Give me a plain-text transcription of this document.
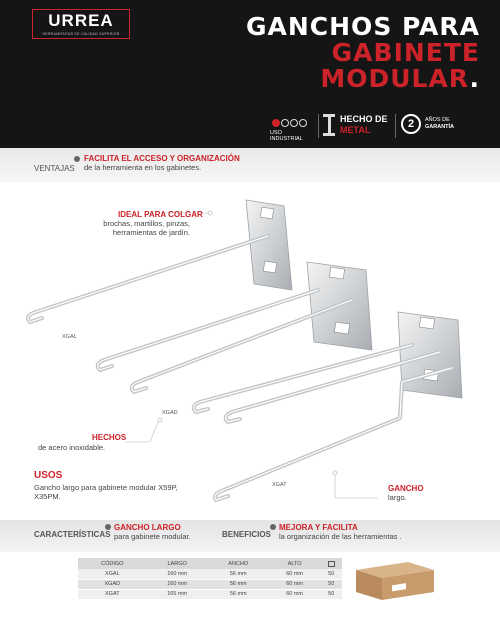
URREA
HERRAMIENTAS DE CALIDAD SUPERIOR	GANCHOS PARA
GABINETE
MODULAR.
USO INDUSTRIAL
HECHO DE
METAL	2	AÑOS DE
GARANTÍA
VENTAJAS
FACILITA EL ACCESO Y ORGANIZACIÓN
de la herramienta en los gabinetes.
IDEAL PARA COLGAR
brochas, martillos, pinzas,
herramientas de jardín.
HECHOS
de acero inoxidable.
GANCHO
largo.
XGAL
XGAD
XGAT
USOS
Gancho largo para gabinete modular X59P, X35PM.
CARACTERÍSTICAS
GANCHO LARGO
para gabinete modular.	BENEFICIOS
MEJORA Y FACILITA
la organización de las herramientas .
CÓDIGO	LARGO	ANCHO	ALTO	
XGAL	160 mm	56 mm	60 mm	50
XGAD	160 mm	56 mm	60 mm	50
XGAT	165 mm	56 mm	60 mm	50
